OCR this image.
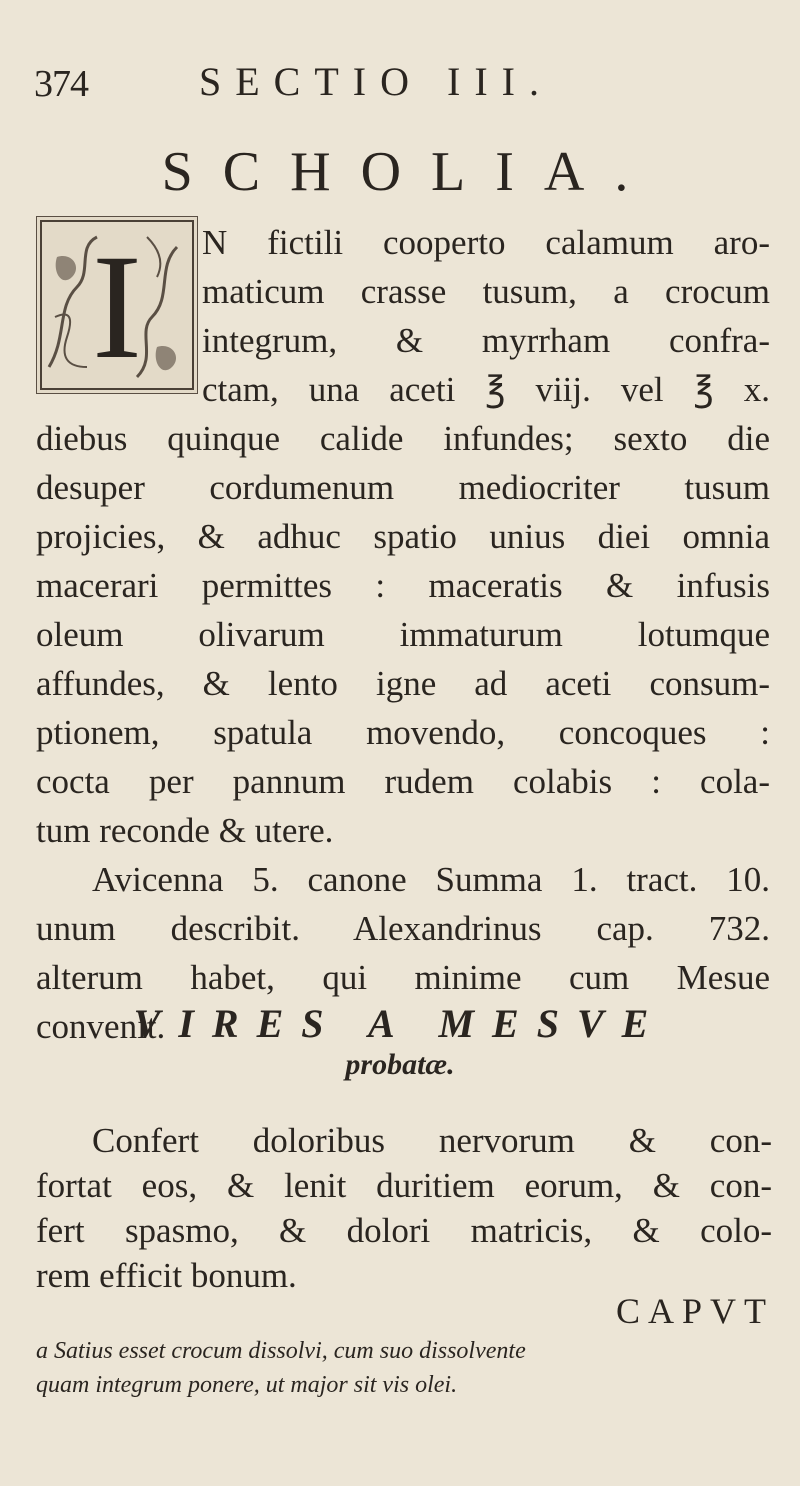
374	SECTIO III.
SCHOLIA.
I N fictili cooperto calamum aro-
maticum crasse tusum, a crocum
integrum, & myrrham confra-
ctam, una aceti ℥ viij. vel ℥ x.
diebus quinque calide infundes; sexto die
desuper cordumenum mediocriter tusum
projicies, & adhuc spatio unius diei omnia
macerari permittes : maceratis & infusis
oleum olivarum immaturum lotumque
affundes, & lento igne ad aceti consum-
ptionem, spatula movendo, concoques :
cocta per pannum rudem colabis : cola-
tum reconde & utere.
Avicenna 5. canone Summa 1. tract. 10.
unum describit. Alexandrinus cap. 732.
alterum habet, qui minime cum Mesue
convenit.
VIRES A MESVE
probatæ.
Confert doloribus nervorum & con-
fortat eos, & lenit duritiem eorum, & con-
fert spasmo, & dolori matricis, & colo-
rem efficit bonum.
CAPVT
a Satius esset crocum dissolvi, cum suo dissolvente
quam integrum ponere, ut major sit vis olei.
